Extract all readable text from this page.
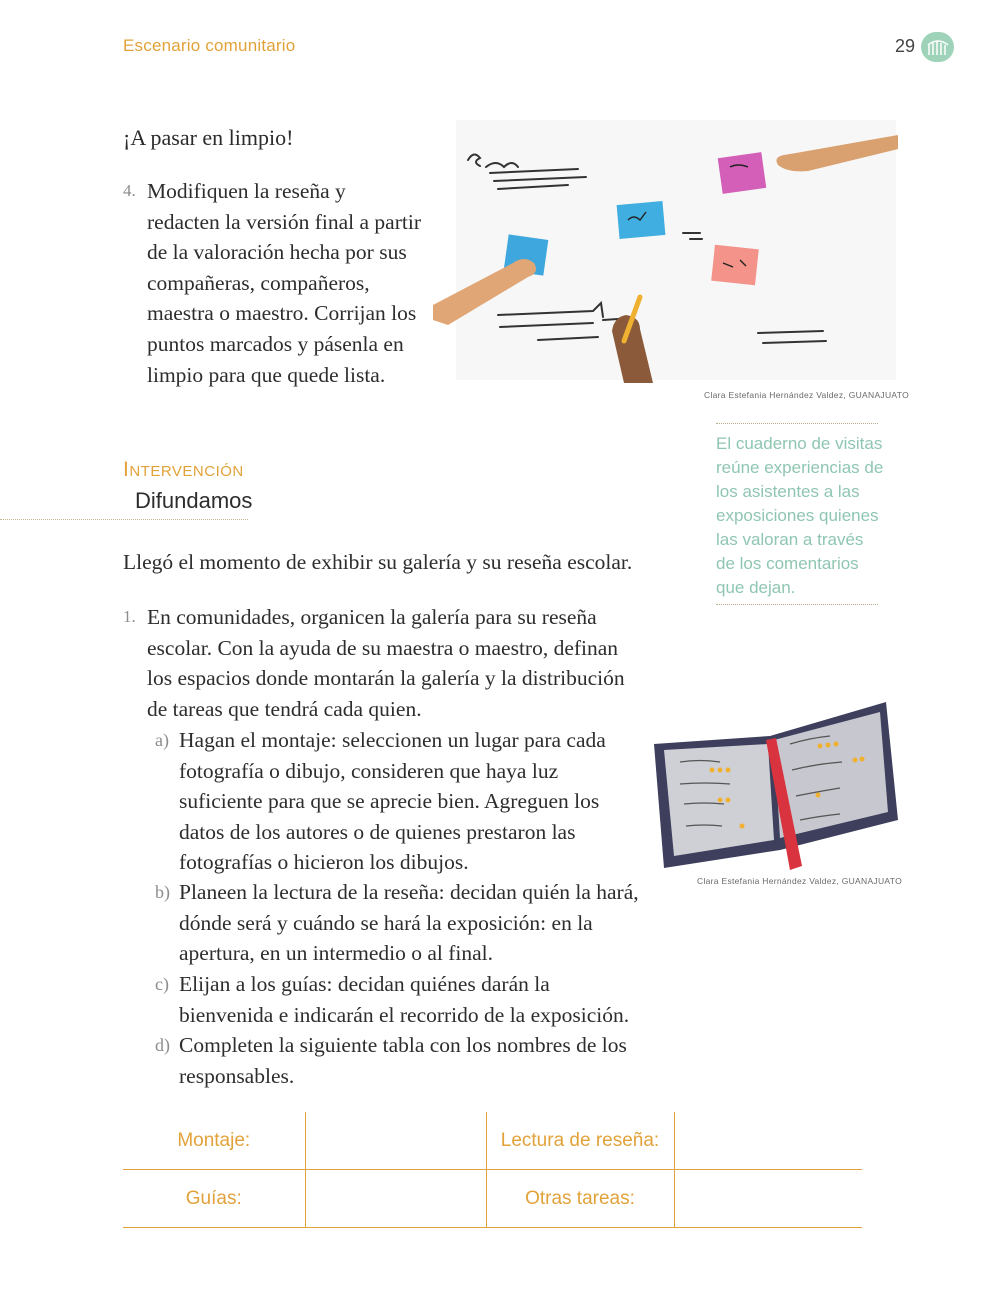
Escenario comunitario	29
¡A pasar en limpio!
4. Modifiquen la reseña y redacten la versión final a partir de la valoración hecha por sus compañeras, compañeros, maestra o maestro. Corrijan los puntos marcados y pásenla en limpio para que quede lista.
Clara Estefania Hernández Valdez, GUANAJUATO
El cuaderno de visitas reúne experiencias de los asistentes a las exposiciones quienes las valoran a través de los comentarios que dejan.
Intervención
Difundamos
Llegó el momento de exhibir su galería y su reseña escolar.
1. En comunidades, organicen la galería para su reseña escolar. Con la ayuda de su maestra o maestro, definan los espacios donde montarán la galería y la distribución de tareas que tendrá cada quien.
a) Hagan el montaje: seleccionen un lugar para cada fotografía o dibujo, consideren que haya luz suficiente para que se aprecie bien. Agreguen los datos de los autores o de quienes prestaron las fotografías o hicieron los dibujos.
b) Planeen la lectura de la reseña: decidan quién la hará, dónde será y cuándo se hará la exposición: en la apertura, en un intermedio o al final.
c) Elijan a los guías: decidan quiénes darán la bienvenida e indicarán el recorrido de la exposición.
d) Completen la siguiente tabla con los nombres de los responsables.
Clara Estefania Hernández Valdez, GUANAJUATO
Montaje:		Lectura de reseña:	
Guías:		Otras tareas:	
